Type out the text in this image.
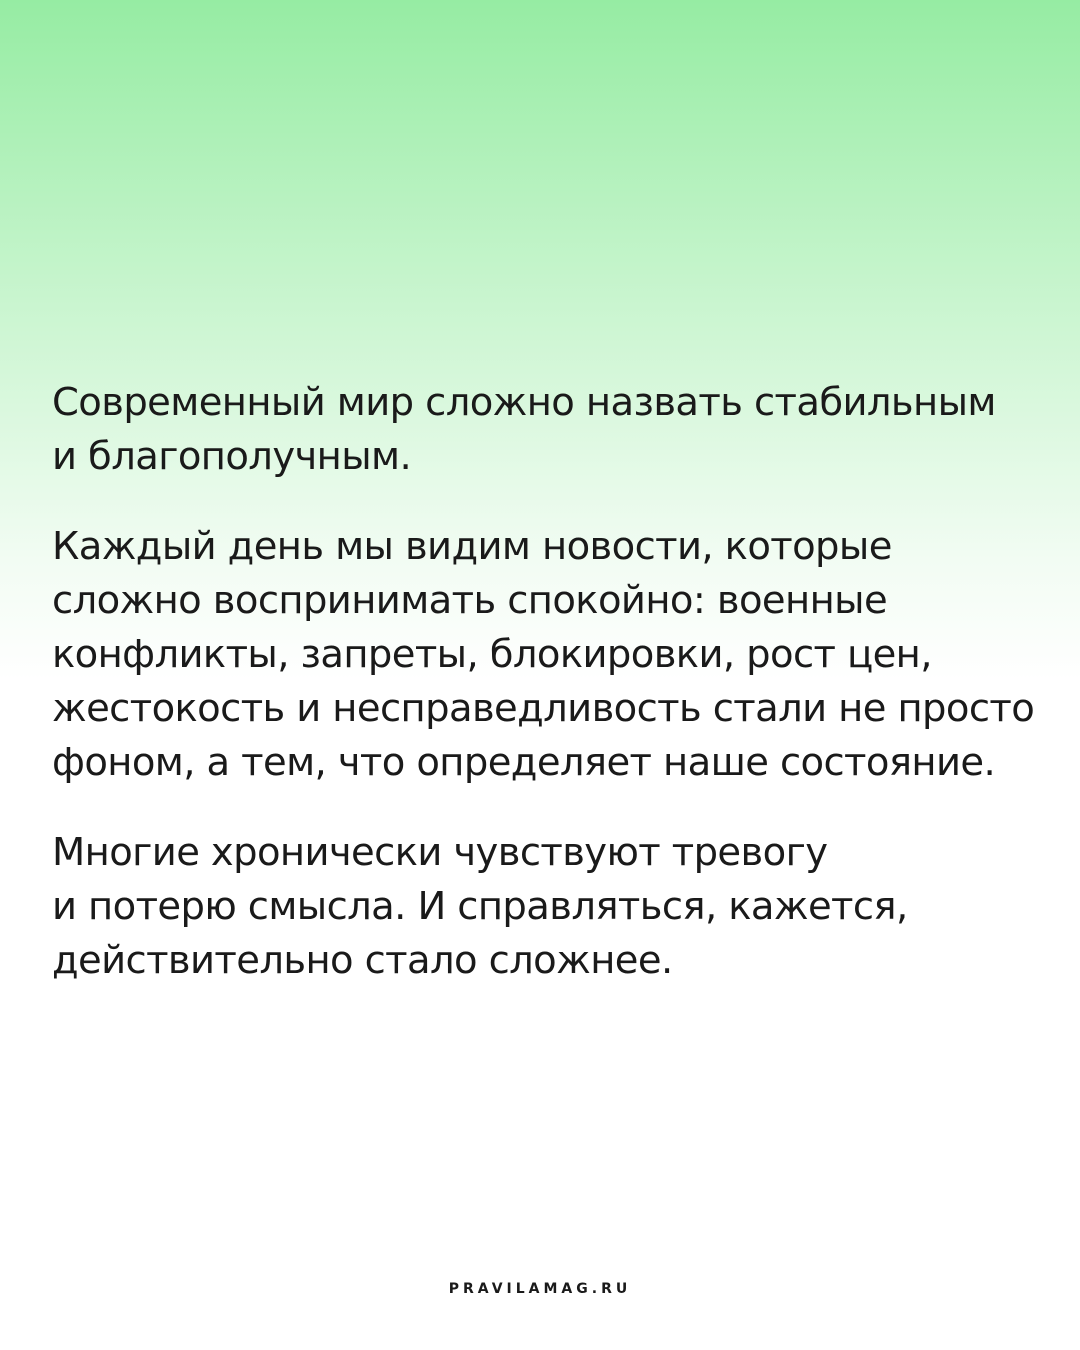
Современный мир сложно назвать стабильным
и благополучным.

Каждый день мы видим новости, которые
сложно воспринимать спокойно: военные
конфликты, запреты, блокировки, рост цен,
жестокость и несправедливость стали не просто
фоном, а тем, что определяет наше состояние.

Многие хронически чувствуют тревогу
и потерю смысла. И справляться, кажется,
действительно стало сложнее.

PRAVILAMAG.RU
